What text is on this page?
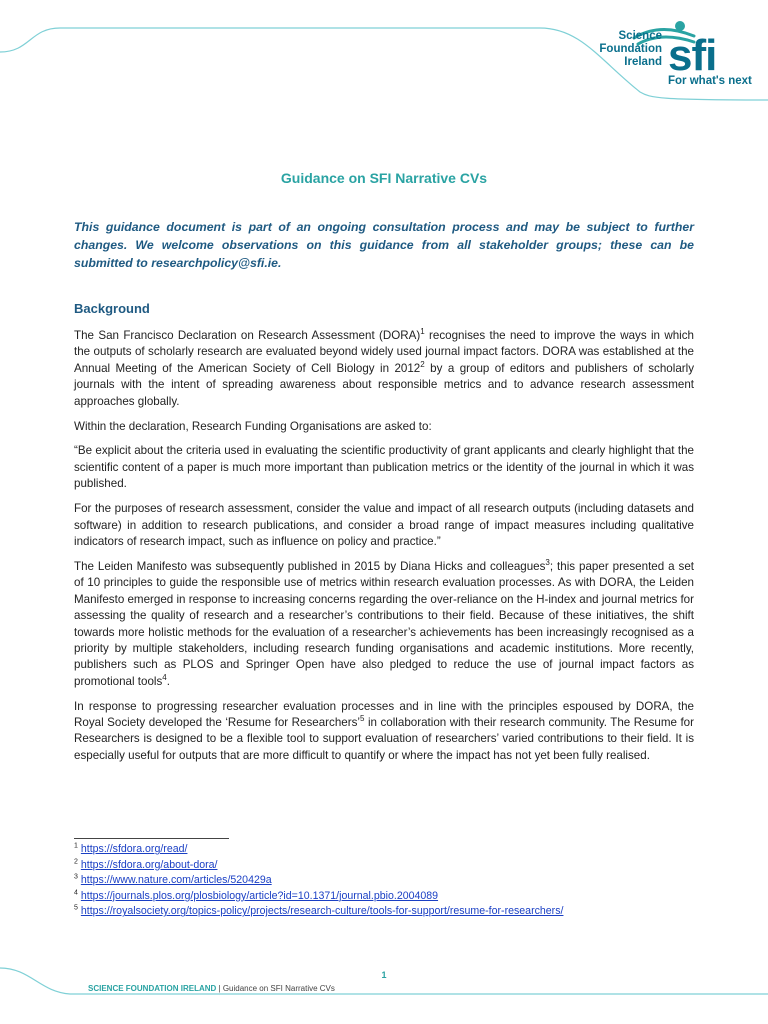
Science
Foundation
Ireland sfi
For what's next
Guidance on SFI Narrative CVs

This guidance document is part of an ongoing consultation process and may be subject to further changes. We welcome observations on this guidance from all stakeholder groups; these can be submitted to researchpolicy@sfi.ie.

Background

The San Francisco Declaration on Research Assessment (DORA)$^1$ recognises the need to improve the ways in which the outputs of scholarly research are evaluated beyond widely used journal impact factors. DORA was established at the Annual Meeting of the American Society of Cell Biology in 2012$^2$ by a group of editors and publishers of scholarly journals with the intent of spreading awareness about responsible metrics and to advance research assessment approaches globally.

Within the declaration, Research Funding Organisations are asked to:

“Be explicit about the criteria used in evaluating the scientific productivity of grant applicants and clearly highlight that the scientific content of a paper is much more important than publication metrics or the identity of the journal in which it was published.

For the purposes of research assessment, consider the value and impact of all research outputs (including datasets and software) in addition to research publications, and consider a broad range of impact measures including qualitative indicators of research impact, such as influence on policy and practice.”

The Leiden Manifesto was subsequently published in 2015 by Diana Hicks and colleagues$^3$; this paper presented a set of 10 principles to guide the responsible use of metrics within research evaluation processes. As with DORA, the Leiden Manifesto emerged in response to increasing concerns regarding the over-reliance on the H-index and journal metrics for assessing the quality of research and a researcher’s contributions to their field. Because of these initiatives, the shift towards more holistic methods for the evaluation of a researcher’s achievements has been increasingly recognised as a priority by multiple stakeholders, including research funding organisations and academic institutions. More recently, publishers such as PLOS and Springer Open have also pledged to reduce the use of journal impact factors as promotional tools$^4$.

In response to progressing researcher evaluation processes and in line with the principles espoused by DORA, the Royal Society developed the ‘Resume for Researchers’$^5$ in collaboration with their research community. The Resume for Researchers is designed to be a flexible tool to support evaluation of researchers’ varied contributions to their field. It is especially useful for outputs that are more difficult to quantify or where the impact has not yet been fully realised.

$^1$ https://sfdora.org/read/
$^2$ https://sfdora.org/about-dora/
$^3$ https://www.nature.com/articles/520429a
$^4$ https://journals.plos.org/plosbiology/article?id=10.1371/journal.pbio.2004089
$^5$ https://royalsociety.org/topics-policy/projects/research-culture/tools-for-support/resume-for-researchers/
1
SCIENCE FOUNDATION IRELAND | Guidance on SFI Narrative CVs
